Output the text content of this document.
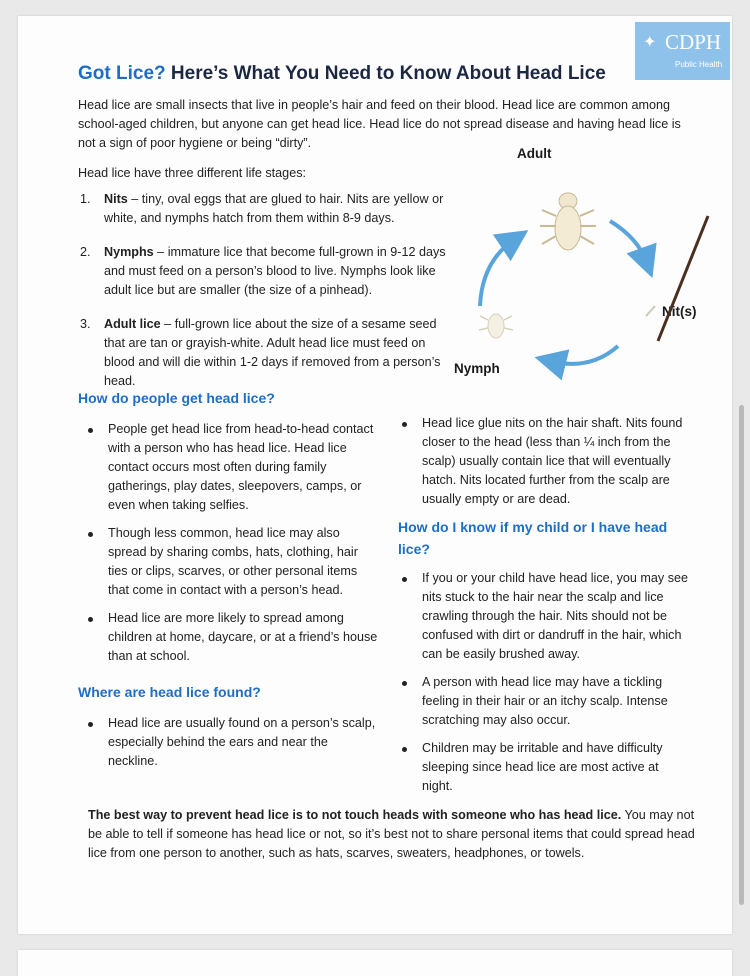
✦ CDPH
Public Health
Got Lice? Here’s What You Need to Know About Head Lice

Head lice are small insects that live in people’s hair and feed on their blood. Head lice are common among school-aged children, but anyone can get head lice. Head lice do not spread disease and having head lice is not a sign of poor hygiene or being “dirty”.

Head lice have three different life stages:

1. Nits – tiny, oval eggs that are glued to hair. Nits are yellow or white, and nymphs hatch from them within 8-9 days.
2. Nymphs – immature lice that become full-grown in 9-12 days and must feed on a person’s blood to live. Nymphs look like adult lice but are smaller (the size of a pinhead).
3. Adult lice – full-grown lice about the size of a sesame seed that are tan or grayish-white. Adult head lice must feed on blood and will die within 1-2 days if removed from a person’s head.
Adult
Nit(s)
Nymph
How do people get head lice?
People get head lice from head-to-head contact with a person who has head lice. Head lice contact occurs most often during family gatherings, play dates, sleepovers, camps, or even when taking selfies.
Though less common, head lice may also spread by sharing combs, hats, clothing, hair ties or clips, scarves, or other personal items that come in contact with a person’s head.
Head lice are more likely to spread among children at home, daycare, or at a friend’s house than at school.
Where are head lice found?
Head lice are usually found on a person’s scalp, especially behind the ears and near the neckline.
Head lice glue nits on the hair shaft. Nits found closer to the head (less than ¼ inch from the scalp) usually contain lice that will eventually hatch. Nits located further from the scalp are usually empty or are dead.
How do I know if my child or I have head lice?
If you or your child have head lice, you may see nits stuck to the hair near the scalp and lice crawling through the hair. Nits should not be confused with dirt or dandruff in the hair, which can be easily brushed away.
A person with head lice may have a tickling feeling in their hair or an itchy scalp. Intense scratching may also occur.
Children may be irritable and have difficulty sleeping since head lice are most active at night.

The best way to prevent head lice is to not touch heads with someone who has head lice. You may not be able to tell if someone has head lice or not, so it’s best not to share personal items that could spread head lice from one person to another, such as hats, scarves, sweaters, headphones, or towels.
